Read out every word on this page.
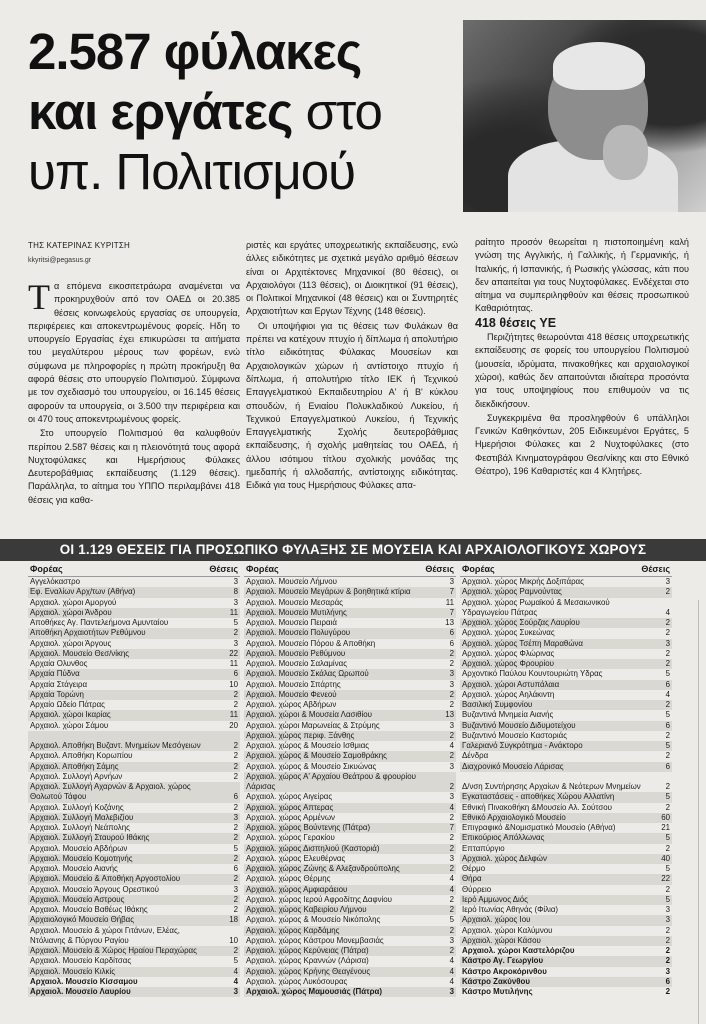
2.587 φύλακες
και εργάτες στο
υπ. Πολιτισμού
ΤΗΣ ΚΑΤΕΡΙΝΑΣ ΚΥΡΙΤΣΗ
kkyritsi@pegasus.gr

Τα επόμενα εικοσιτετράωρα αναμένεται να προκηρυχθούν από τον ΟΑΕΔ οι 20.385 θέσεις κοινωφελούς εργασίας σε υπουργεία, περιφέρειες και αποκεντρωμένους φορείς. Ηδη το υπουργείο Εργασίας έχει επικυρώσει τα αιτήματα του μεγαλύτερου μέρους των φορέων, ενώ σύμφωνα με πληροφορίες η πρώτη προκήρυξη θα αφορά θέσεις στο υπουργείο Πολιτισμού. Σύμφωνα με τον σχεδιασμό του υπουργείου, οι 16.145 θέσεις αφορούν τα υπουργεία, οι 3.500 την περιφέρεια και οι 470 τους αποκεντρωμένους φορείς.

Στο υπουργείο Πολιτισμού θα καλυφθούν περίπου 2.587 θέσεις και η πλειονότητά τους αφορά Νυχτοφύλακες και Ημερήσιους Φύλακες Δευτεροβάθμιας εκπαίδευσης (1.129 θέσεις). Παράλληλα, το αίτημα του ΥΠΠΟ περιλαμβάνει 418 θέσεις για καθα-

ριστές και εργάτες υποχρεωτικής εκπαίδευσης, ενώ άλλες ειδικότητες με σχετικά μεγάλο αριθμό θέσεων είναι οι Αρχιτέκτονες Μηχανικοί (80 θέσεις), οι Αρχαιολόγοι (113 θέσεις), οι Διοικητικοί (91 θέσεις), οι Πολιτικοί Μηχανικοί (48 θέσεις) και οι Συντηρητές Αρχαιοτήτων και Εργων Τέχνης (148 θέσεις).

Οι υποψήφιοι για τις θέσεις των Φυλάκων θα πρέπει να κατέχουν πτυχίο ή δίπλωμα ή απολυτήριο τίτλο ειδικότητας Φύλακας Μουσείων και Αρχαιολογικών χώρων ή αντίστοιχο πτυχίο ή δίπλωμα, ή απολυτήριο τίτλο ΙΕΚ ή Τεχνικού Επαγγελματικού Εκπαιδευτηρίου Α' ή Β' κύκλου σπουδών, ή Ενιαίου Πολυκλαδικού Λυκείου, ή Τεχνικού Επαγγελματικού Λυκείου, ή Τεχνικής Επαγγελματικής Σχολής δευτεροβάθμιας εκπαίδευσης, ή σχολής μαθητείας του ΟΑΕΔ, ή άλλου ισότιμου τίτλου σχολικής μονάδας της ημεδαπής ή αλλοδαπής, αντίστοιχης ειδικότητας. Ειδικά για τους Ημερήσιους Φύλακες απα-

ραίτητο προσόν θεωρείται η πιστοποιημένη καλή γνώση της Αγγλικής, ή Γαλλικής, ή Γερμανικής, ή Ιταλικής, ή Ισπανικής, ή Ρωσικής γλώσσας, κάτι που δεν απαιτείται για τους Νυχτοφύλακες. Ενδέχεται στο αίτημα να συμπεριληφθούν και θέσεις προσωπικού Καθαριότητας.

418 θέσεις ΥΕ

Περιζήτητες θεωρούνται 418 θέσεις υποχρεωτικής εκπαίδευσης σε φορείς του υπουργείου Πολιτισμού (μουσεία, ιδρύματα, πινακοθήκες και αρχαιολογικοί χώροι), καθώς δεν απαιτούνται ιδιαίτερα προσόντα για τους υποψηφίους που επιθυμούν να τις διεκδικήσουν.

Συγκεκριμένα θα προσληφθούν 6 υπάλληλοι Γενικών Καθηκόντων, 205 Ειδικευμένοι Εργάτες, 5 Ημερήσιοι Φύλακες και 2 Νυχτοφύλακες (στο Φεστιβάλ Κινηματογράφου Θεσ/νίκης και στο Εθνικό Θέατρο), 196 Καθαριστές και 4 Κλητήρες.

ΟΙ 1.129 ΘΕΣΕΙΣ ΓΙΑ ΠΡΟΣΩΠΙΚΟ ΦΥΛΑΞΗΣ ΣΕ ΜΟΥΣΕΙΑ ΚΑΙ ΑΡΧΑΙΟΛΟΓΙΚΟΥΣ ΧΩΡΟΥΣ
Φορέας	Θέσεις
Αγγελόκαστρο	3
Εφ. Εναλίων Αρχ/των (Αθήνα)	8
Αρχαιολ. χώροι Αμοργού	3
Αρχαιολ. χώροι Άνδρου	11
Αποθήκες Αγ. Παντελεήμονα Αμυνταίου	5
Αποθήκη Αρχαιοτήτων Ρεθύμνου	2
Αρχαιολ. χώροι Άργους	3
Αρχαιολ. Μουσείο Θεσ/νίκης	22
Αρχαία Ολυνθος	11
Αρχαία Πύδνα	6
Αρχαία Στάγειρα	10
Αρχαία Τορώνη	2
Αρχαίο Ωδείο Πάτρας	2
Αρχαιολ. χώροι Ικαρίας	11
Αρχαιολ. χώροι Σάμου	20
Αρχαιολ. Αποθήκη Βυζαντ. Μνημείων Μεσόγειων	2
Αρχαιολ. Αποθήκη Κορωπίου	2
Αρχαιολ. Αποθήκη Σάμης	2
Αρχαιολ. Συλλογή Αρνήων	2
Αρχαιολ. Συλλογή Αχαρνών & Αρχαιολ. χώρος Θολωτού Τάφου	6
Αρχαιολ. Συλλογή Κοζάνης	2
Αρχαιολ. Συλλογή Μαλεβιζίου	3
Αρχαιολ. Συλλογή Νεάπολης	2
Αρχαιολ. Συλλογή Σταυρού Ιθάκης	2
Αρχαιολ. Μουσείο Αβδήρων	5
Αρχαιολ. Μουσείο Κομοτηνής	2
Αρχαιολ. Μουσείο Αιανής	6
Αρχαιολ. Μουσείο & Αποθήκη Αργοστολίου	2
Αρχαιολ. Μουσείο Άργους Ορεστικού	3
Αρχαιολ. Μουσείο Αστρους	2
Αρχαιολ. Μουσείο Βαθέως Ιθάκης	2
Αρχαιολογικό Μουσείο Θήβας	18
Αρχαιολ. Μουσείο & χώροι Γιτάνων, Ελέας, Ντόλιανης & Πύργου Ραγίου	10
Αρχαιολ. Μουσείο & Χώρος Ηραίου Περαχώρας	2
Αρχαιολ. Μουσείο Καρδίτσας	5
Αρχαιολ. Μουσείο Κιλκίς	4
Αρχαιολ. Μουσείο Κίσσαμου	4
Αρχαιολ. Μουσείο Λαυρίου	3
Φορέας	Θέσεις
Αρχαιολ. Μουσείο Λήμνου	3
Αρχαιολ. Μουσείο Μεγάρων & βοηθητικά κτίρια	7
Αρχαιολ. Μουσείο Μεσαράς	11
Αρχαιολ. Μουσείο Μυτιλήνης	7
Αρχαιολ. Μουσείο Πειραιά	13
Αρχαιολ. Μουσείο Πολυγύρου	6
Αρχαιολ. Μουσείο Πόρου & Αποθήκη	6
Αρχαιολ. Μουσείο Ρεθύμνου	2
Αρχαιολ. Μουσείο Σαλαμίνας	2
Αρχαιολ. Μουσείο Σκάλας Ωρωπού	3
Αρχαιολ. Μουσείο Σπάρτης	3
Αρχαιολ. Μουσείο Φενεού	2
Αρχαιολ. χώρος Αβδήρων	2
Αρχαιολ. χώροι & Μουσεία Λασιθίου	13
Αρχαιολ. χώροι Μαρωνείας & Στρύμης	3
Αρχαιολ. χώρος περιφ. Ξάνθης	2
Αρχαιολ. χώρος & Μουσείο Ισθμιας	4
Αρχαιολ. χώρος & Μουσείο Σαμοθράκης	2
Αρχαιολ. χώρος & Μουσείο Σικυώνας	3
Αρχαιολ. χώρος Α' Αρχαίου Θεάτρου & φρουρίου Λάρισας	2
Αρχαιολ. χώρος Αιγείρας	3
Αρχαιολ. χώρος Απτερας	4
Αρχαιολ. χώρος Αρμένων	2
Αρχαιολ. χώρος Βούντενης (Πάτρα)	7
Αρχαιολ. χώρος Γερακίου	2
Αρχαιολ. χώρος Δισπηλιού (Καστοριά)	2
Αρχαιολ. χώρος Ελευθέρνας	3
Αρχαιολ. χώρος Ζώνης & Αλεξανδρούπολης	2
Αρχαιολ. χώρος Θέρμης	4
Αρχαιολ. χώρος Αμφιαράειου	4
Αρχαιολ. χώρος Ιερού Αφροδίτης Δαφνίου	2
Αρχαιολ. χώρος Καβειρίου Λήμνου	2
Αρχαιολ. χώρος & Μουσείο Νικόπολης	5
Αρχαιολ. χώρος Καρδάμης	2
Αρχαιολ. χώρος Κάστρου Μονεμβασιάς	3
Αρχαιολ. χώρος Κερύνειας (Πάτρα)	2
Αρχαιολ. χώρος Κραννών (Λάρισα)	4
Αρχαιολ. χώρος Κρήνης Θεαγένους	4
Αρχαιολ. χώρος Λυκόσουρας	4
Αρχαιολ. χώρος Μαμουσιάς (Πάτρα)	3
Φορέας	Θέσεις
Αρχαιολ. χώρος Μικρής Δοξιπάρας	3
Αρχαιολ. χώρος Ραμνούντας	2
Αρχαιολ. χώρος Ρωμαϊκού & Μεσαιωνικού Υδραγωγείου Πάτρας	4
Αρχαιολ. χώρος Σούρζας Λαυρίου	2
Αρχαιολ. χώρος Συκεώνας	2
Αρχαιολ. χώρος Τσέπη Μαραθώνα	3
Αρχαιολ. χώρος Φλώρινας	2
Αρχαιολ. χώρος Φρουρίου	2
Αρχοντικό Παύλου Κουντουριώτη Υδρας	5
Αρχαιολ. χώροι Αστυπάλαια	6
Αρχαιολ. χώρος Αηλάκιντη	4
Βασιλική Συμφονίου	2
Βυζαντινά Μνημεία Αιανής	5
Βυζαντινό Μουσείο Διδυμοτείχου	6
Βυζαντινό Μουσείο Καστοριάς	2
Γαλεριανό Συγκρότημα - Ανάκτορο	5
Δένδρα	2
Διαχρονικό Μουσείο Λάρισας	6
Δ/νση Συντήρησης Αρχαίων & Νεότερων Μνημείων	2
Εγκαταστάσεις - αποθήκες Χώρου Αλλατίνη	5
Εθνική Πινακοθήκη &Μουσείο Αλ. Σούτσου	2
Εθνικό Αρχαιολογικό Μουσείο	60
Επιγραφικό &Νομισματικό Μουσείο (Αθήνα)	21
Επικούριος Απόλλωνας	5
Επταπύργιο	2
Αρχαιολ. χώρος Δελφών	40
Θέρμο	5
Θήρα	22
Θύρρειο	2
Ιερό Αμμωνος Διός	5
Ιερό Ιτωνίας Αθηνάς (Φίλια)	3
Αρχαιολ. χώρος Ιου	3
Αρχαιολ. χώροι Καλύμνου	2
Αρχαιολ. χώροι Κάσου	2
Αρχαιολ. χώροι Καστελόριζου	2
Κάστρο Αγ. Γεωργίου	2
Κάστρο Ακροκόρινθου	3
Κάστρο Ζακύνθου	6
Κάστρο Μυτιλήνης	2
